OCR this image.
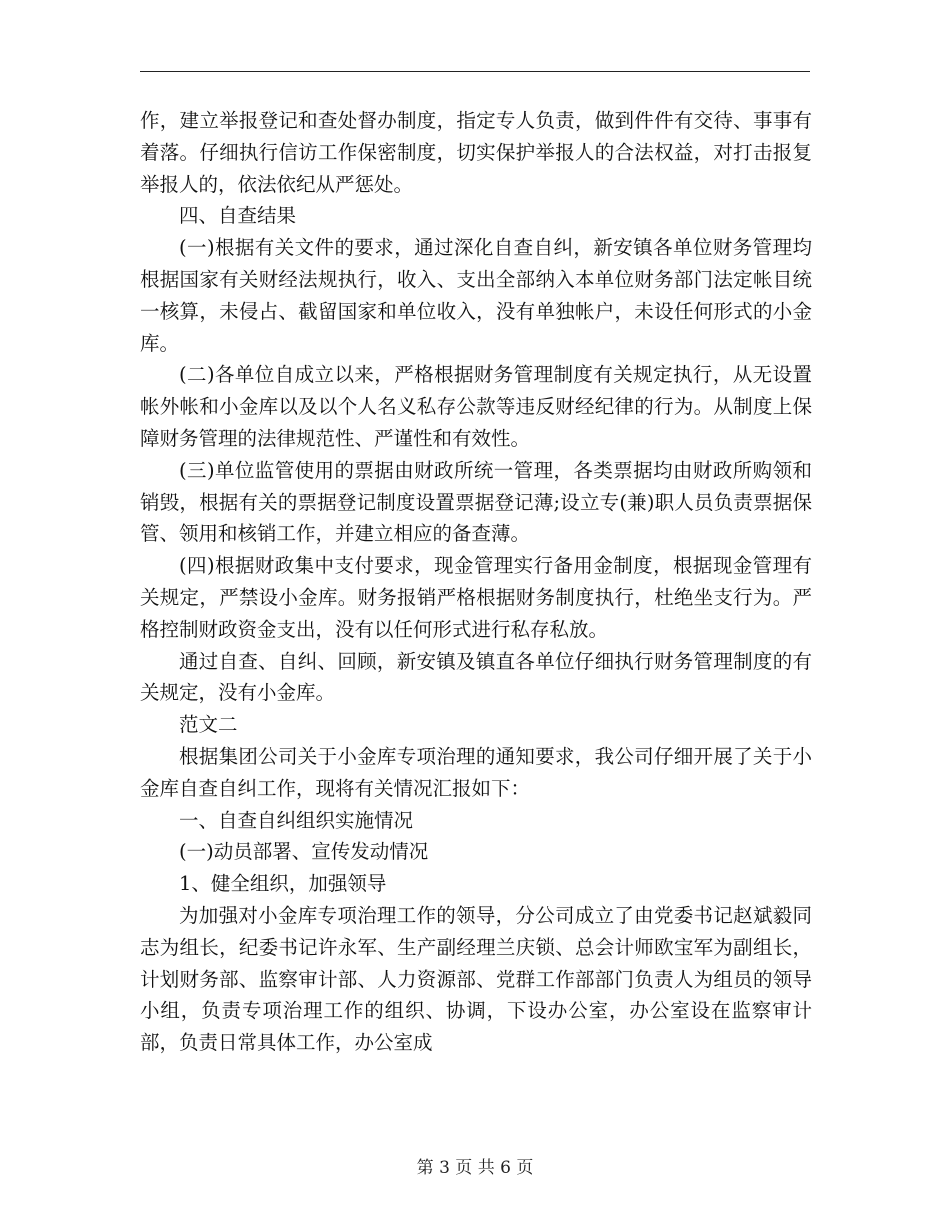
作，建立举报登记和查处督办制度，指定专人负责，做到件件有交待、事事有着落。仔细执行信访工作保密制度，切实保护举报人的合法权益，对打击报复举报人的，依法依纪从严惩处。

四、自查结果

(一)根据有关文件的要求，通过深化自查自纠，新安镇各单位财务管理均根据国家有关财经法规执行，收入、支出全部纳入本单位财务部门法定帐目统一核算，未侵占、截留国家和单位收入，没有单独帐户，未设任何形式的小金库。

(二)各单位自成立以来，严格根据财务管理制度有关规定执行，从无设置帐外帐和小金库以及以个人名义私存公款等违反财经纪律的行为。从制度上保障财务管理的法律规范性、严谨性和有效性。

(三)单位监管使用的票据由财政所统一管理，各类票据均由财政所购领和销毁，根据有关的票据登记制度设置票据登记薄;设立专(兼)职人员负责票据保管、领用和核销工作，并建立相应的备查薄。

(四)根据财政集中支付要求，现金管理实行备用金制度，根据现金管理有关规定，严禁设小金库。财务报销严格根据财务制度执行，杜绝坐支行为。严格控制财政资金支出，没有以任何形式进行私存私放。

通过自查、自纠、回顾，新安镇及镇直各单位仔细执行财务管理制度的有关规定，没有小金库。

范文二

根据集团公司关于小金库专项治理的通知要求，我公司仔细开展了关于小金库自查自纠工作，现将有关情况汇报如下：

一、自查自纠组织实施情况

(一)动员部署、宣传发动情况

1、健全组织，加强领导

为加强对小金库专项治理工作的领导，分公司成立了由党委书记赵斌毅同志为组长，纪委书记许永军、生产副经理兰庆锁、总会计师欧宝军为副组长，计划财务部、监察审计部、人力资源部、党群工作部部门负责人为组员的领导小组，负责专项治理工作的组织、协调，下设办公室，办公室设在监察审计部，负责日常具体工作，办公室成

第 3 页 共 6 页
